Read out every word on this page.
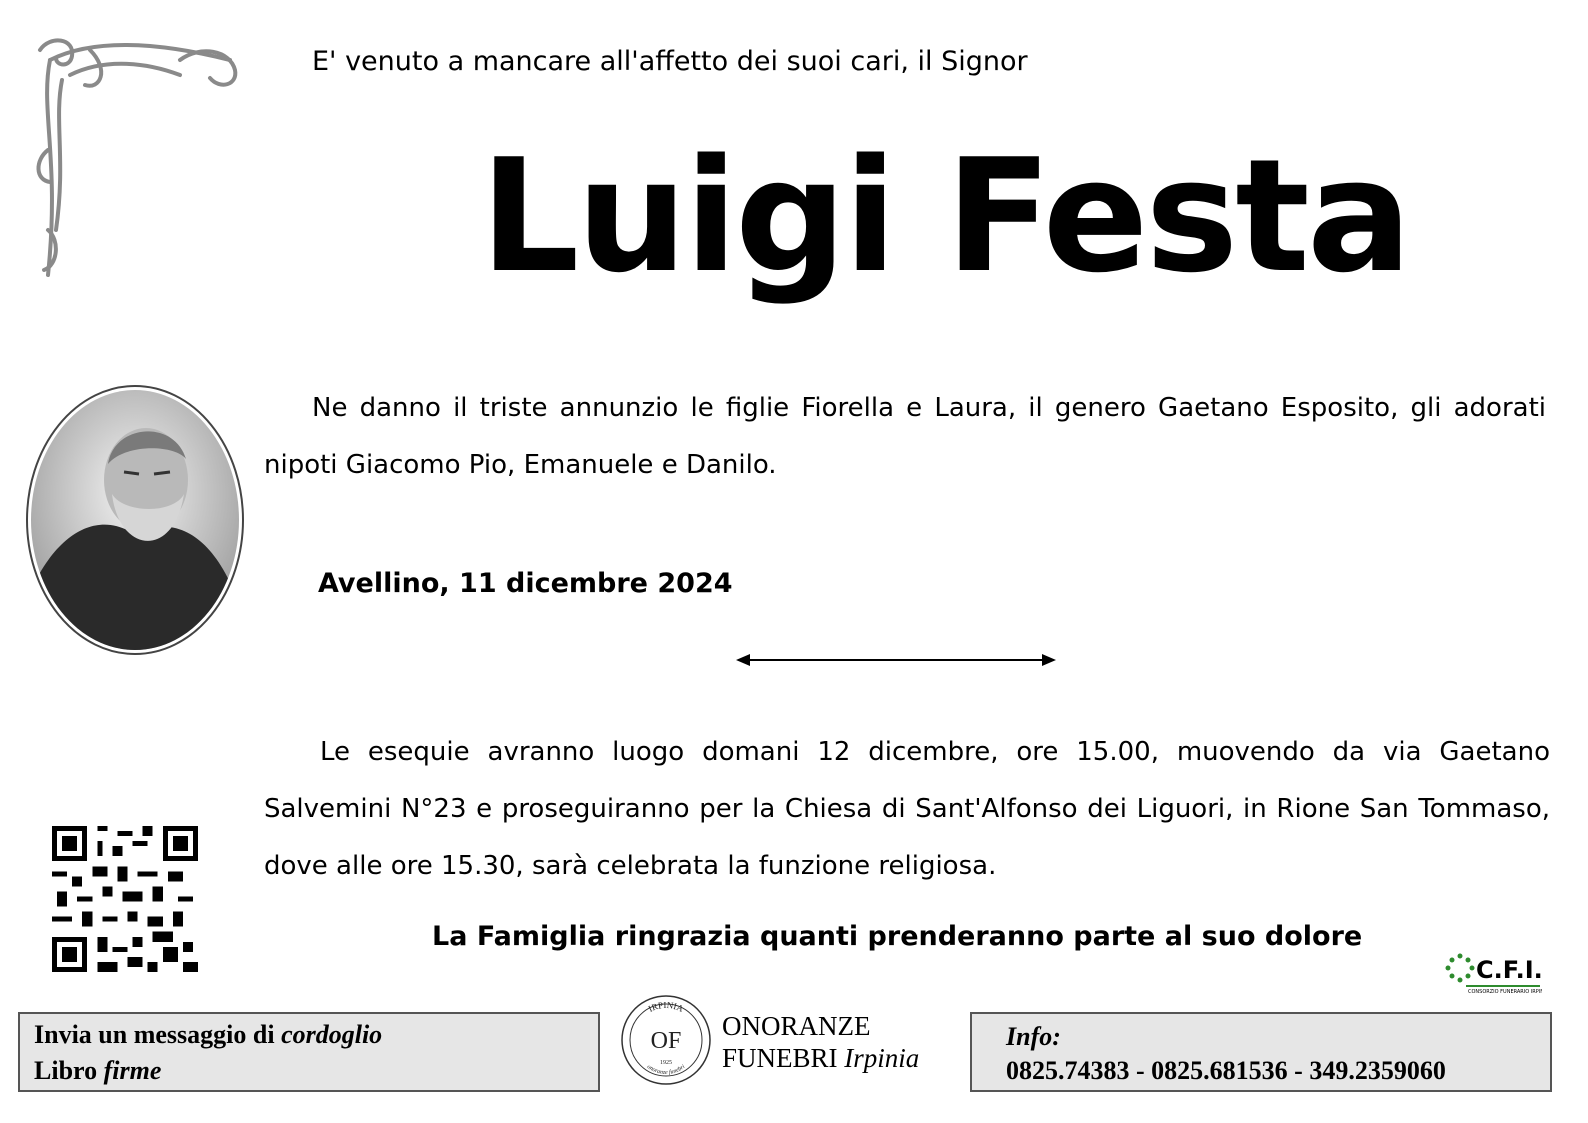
E' venuto a mancare all'affetto dei suoi cari, il Signor
Luigi Festa
Ne danno il triste annunzio le figlie Fiorella e Laura, il genero Gaetano Esposito, gli adorati nipoti Giacomo Pio, Emanuele e Danilo.
Avellino, 11 dicembre 2024
Le esequie avranno luogo domani 12 dicembre, ore 15.00, muovendo da via Gaetano Salvemini N°23 e proseguiranno per la Chiesa di Sant'Alfonso dei Liguori, in Rione San Tommaso, dove alle ore 15.30, sarà celebrata la funzione religiosa.
La Famiglia ringrazia quanti prenderanno parte al suo dolore
C.F.I.
CONSORZIO FUNERARIO IRPINO
Invia un messaggio di cordoglio
Libro firme
IRPINIA
onoranze funebri
OF
1925
ONORANZE
FUNEBRI Irpinia
Info:
0825.74383 - 0825.681536 - 349.2359060
